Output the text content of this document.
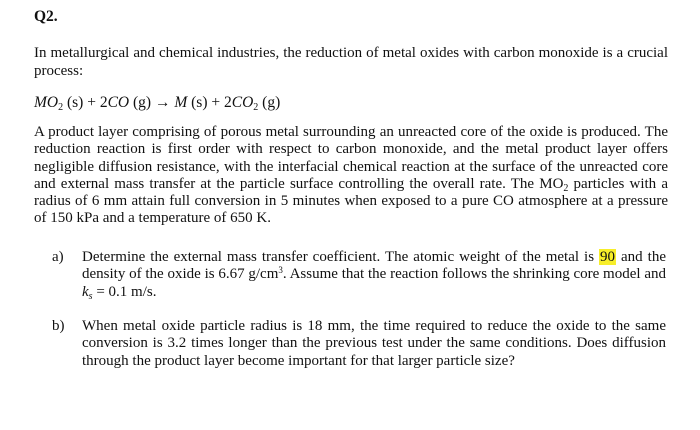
Q2.
In metallurgical and chemical industries, the reduction of metal oxides with carbon monoxide is a crucial process:
$MO_2$ (s) + 2CO (g) → M $(s) + 2CO_2$ (g)
A product layer comprising of porous metal surrounding an unreacted core of the oxide is produced. The reduction reaction is first order with respect to carbon monoxide, and the metal product layer offers negligible diffusion resistance, with the interfacial chemical reaction at the surface of the unreacted core and external mass transfer at the particle surface controlling the overall rate. The $MO_2$ particles with a radius of 6 mm attain full conversion in 5 minutes when exposed to a pure CO atmosphere at a pressure of 150 kPa and a temperature of 650 K.
a) Determine the external mass transfer coefficient. The atomic weight of the metal is 90 and the density of the oxide is 6.67 $g/cm^3$. Assume that the reaction follows the shrinking core model and $k_s = 0.1$ m/s.
b) When metal oxide particle radius is 18 mm, the time required to reduce the oxide to the same conversion is 3.2 times longer than the previous test under the same conditions. Does diffusion through the product layer become important for that larger particle size?
